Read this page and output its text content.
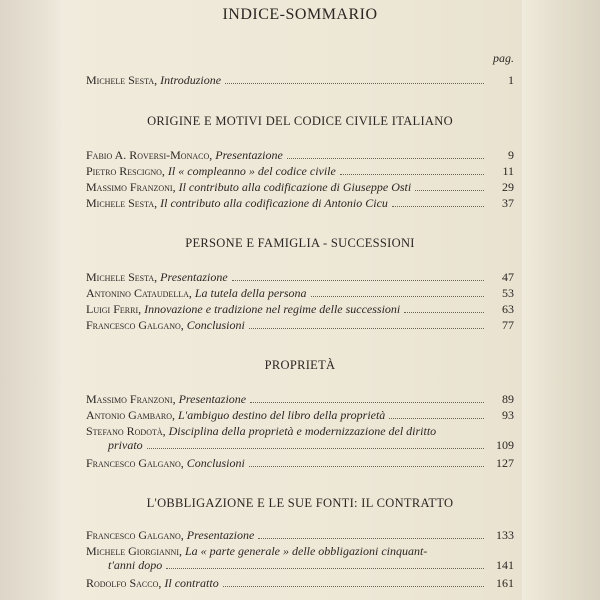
INDICE-SOMMARIO
pag.
Michele Sesta, Introduzione	1
ORIGINE E MOTIVI DEL CODICE CIVILE ITALIANO
Fabio A. Roversi-Monaco, Presentazione	9
Pietro Rescigno, Il « compleanno » del codice civile	11
Massimo Franzoni, Il contributo alla codificazione di Giuseppe Osti	29
Michele Sesta, Il contributo alla codificazione di Antonio Cicu	37
PERSONE E FAMIGLIA - SUCCESSIONI
Michele Sesta, Presentazione	47
Antonino Cataudella, La tutela della persona	53
Luigi Ferri, Innovazione e tradizione nel regime delle successioni	63
Francesco Galgano, Conclusioni	77
PROPRIETÀ
Massimo Franzoni, Presentazione	89
Antonio Gambaro, L'ambiguo destino del libro della proprietà	93
Stefano Rodotà , Disciplina della proprietà e modernizzazione del diritto
privato	109
Francesco Galgano, Conclusioni	127
L'OBBLIGAZIONE E LE SUE FONTI: IL CONTRATTO
Francesco Galgano, Presentazione	133
Michele Giorgianni , La « parte generale » delle obbligazioni cinquant-
t'anni dopo	141
Rodolfo Sacco, Il contratto	161
